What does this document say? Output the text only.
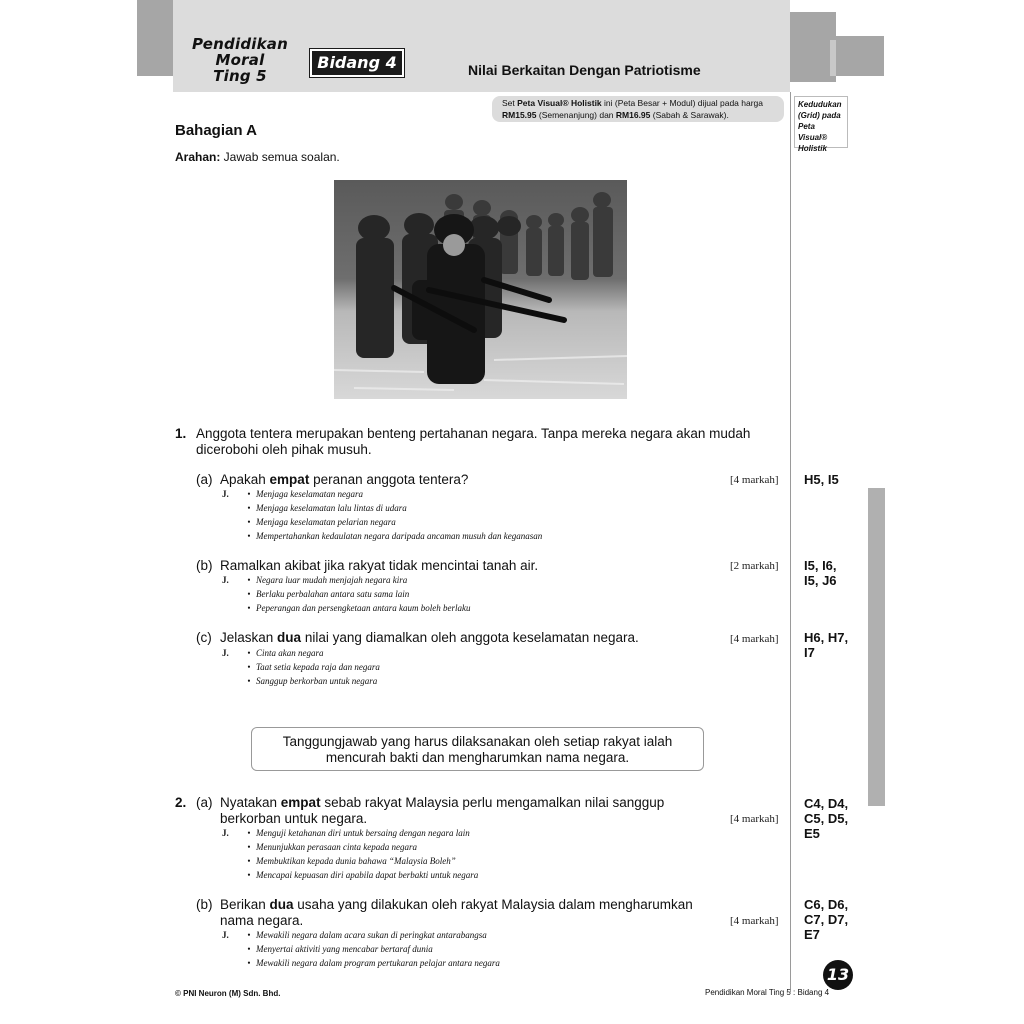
Pendidikan
Moral
Ting 5
Bidang 4	Nilai Berkaitan Dengan Patriotisme
Set Peta Visual® Holistik ini (Peta Besar + Modul) dijual pada harga
RM15.95 (Semenanjung) dan RM16.95 (Sabah & Sarawak).
Kedudukan
(Grid) pada
Peta Visual®
Holistik
Bahagian A
Arahan: Jawab semua soalan.
1. Anggota tentera merupakan benteng pertahanan negara. Tanpa mereka negara akan mudah
dicerobohi oleh pihak musuh.
(a) Apakah empat peranan anggota tentera?	[4 markah] H5, I5
J. • Menjaga keselamatan negara
• Menjaga keselamatan lalu lintas di udara
• Menjaga keselamatan pelarian negara
• Mempertahankan kedaulatan negara daripada ancaman musuh dan keganasan
(b) Ramalkan akibat jika rakyat tidak mencintai tanah air.	[2 markah] I5, I6,
I5, J6
J. • Negara luar mudah menjajah negara kira
• Berlaku perbalahan antara satu sama lain
• Peperangan dan persengketaan antara kaum boleh berlaku
(c) Jelaskan dua nilai yang diamalkan oleh anggota keselamatan negara.	[4 markah] H6, H7,
I7
J. • Cinta akan negara
• Taat setia kepada raja dan negara
• Sanggup berkorban untuk negara
Tanggungjawab yang harus dilaksanakan oleh setiap rakyat ialah
mencurah bakti dan mengharumkan nama negara.
2. (a) Nyatakan empat sebab rakyat Malaysia perlu mengamalkan nilai sanggup
berkorban untuk negara.	[4 markah]
C4, D4,
C5, D5,
E5
J. • Menguji ketahanan diri untuk bersaing dengan negara lain
• Menunjukkan perasaan cinta kepada negara
• Membuktikan kepada dunia bahawa “Malaysia Boleh”
• Mencapai kepuasan diri apabila dapat berbakti untuk negara
(b) Berikan dua usaha yang dilakukan oleh rakyat Malaysia dalam mengharumkan
nama negara.	[4 markah]
C6, D6,
C7, D7,
E7
J. • Mewakili negara dalam acara sukan di peringkat antarabangsa
• Menyertai aktiviti yang mencabar bertaraf dunia
• Mewakili negara dalam program pertukaran pelajar antara negara
© PNI Neuron (M) Sdn. Bhd.	Pendidikan Moral Ting 5 : Bidang 4
13
